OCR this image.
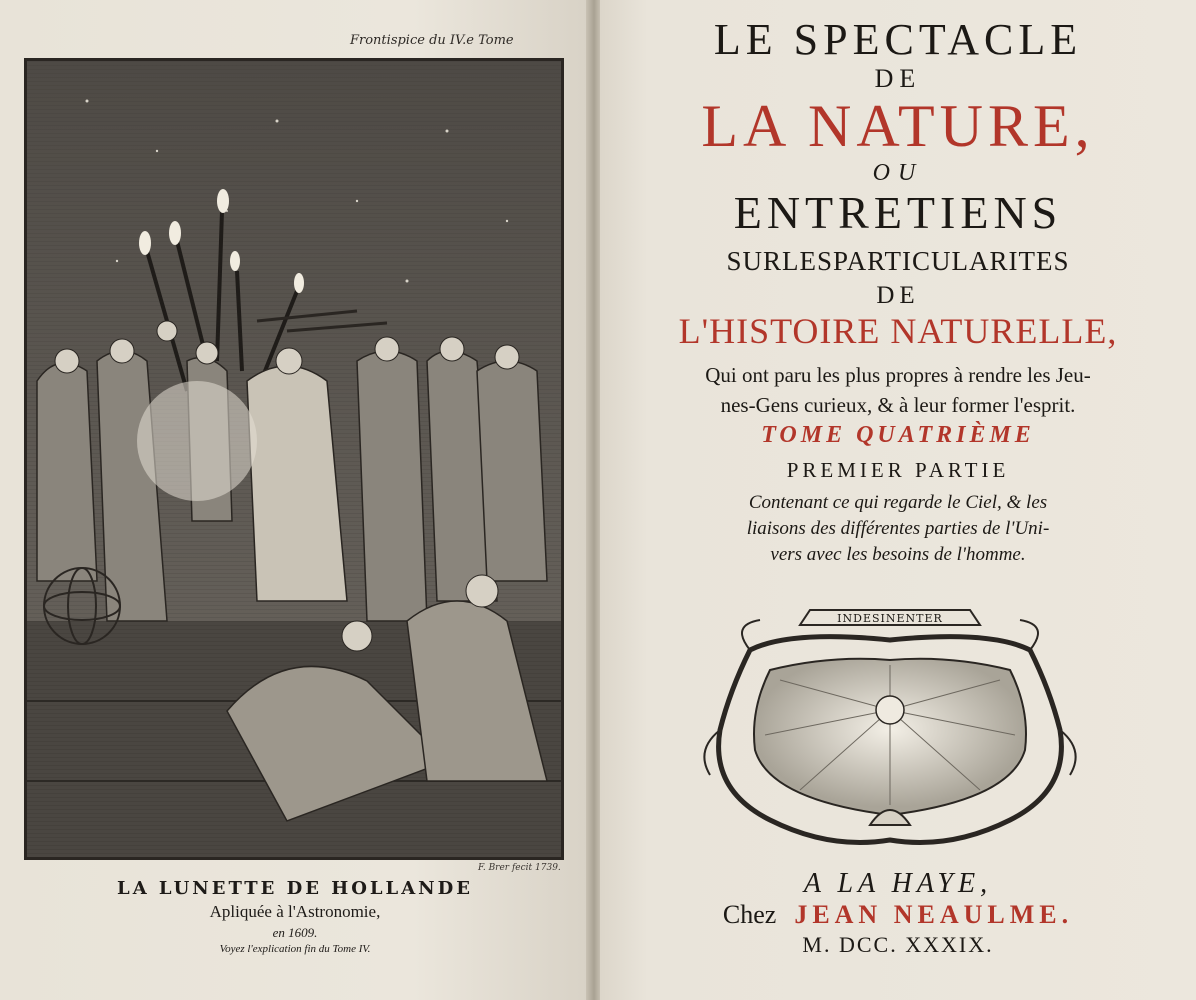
Frontispice du IV.e Tome
F. Brer fecit 1739.
LA LUNETTE DE HOLLANDE
Apliquée à l'Astronomie,
en 1609.
Voyez l'explication fin du Tome IV.
LE SPECTACLE
DE
LA NATURE,
OU
ENTRETIENS
SURLESPARTICULARITES
DE
L'HISTOIRE NATURELLE,
Qui ont paru les plus propres à rendre les Jeu-
nes-Gens curieux, & à leur former l'esprit.
TOME QUATRIÈME
PREMIER PARTIE
Contenant ce qui regarde le Ciel, & les
liaisons des différentes parties de l'Uni-
vers avec les besoins de l'homme.
INDESINENTER
A LA HAYE,
Chez JEAN NEAULME.
M. DCC. XXXIX.
